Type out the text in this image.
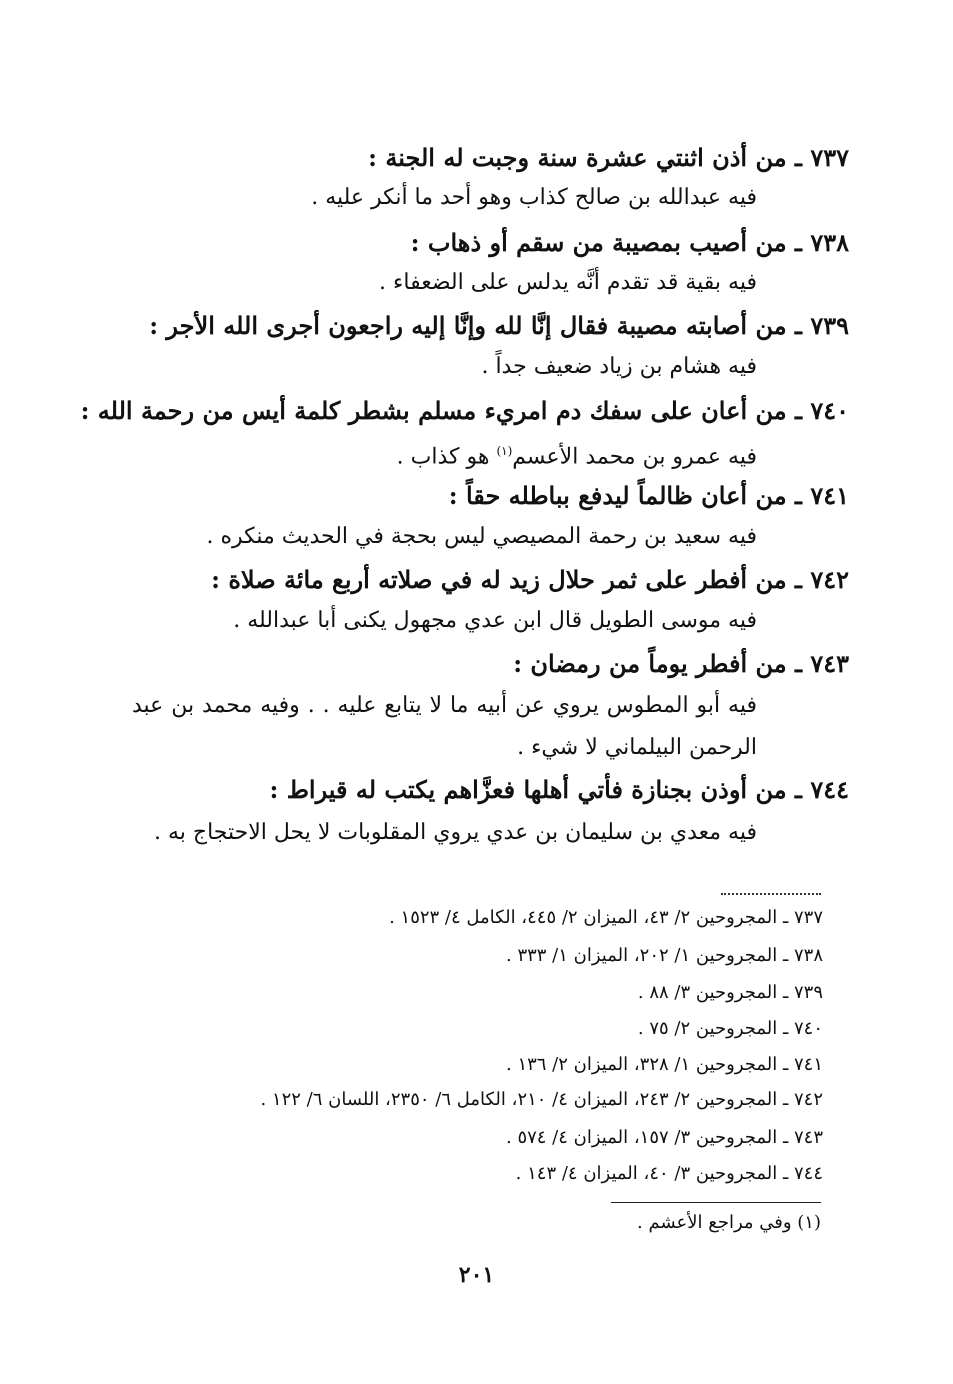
٧٣٧ ـ من أذن اثنتي عشرة سنة وجبت له الجنة :
فيه عبدالله بن صالح كذاب وهو أحد ما أنكر عليه .
٧٣٨ ـ من أصيب بمصيبة من سقم أو ذهاب :
فيه بقية قد تقدم أنَّه يدلس على الضعفاء .
٧٣٩ ـ من أصابته مصيبة فقال إنَّا لله وإنَّا إليه راجعون أجرى الله الأجر :
فيه هشام بن زياد ضعيف جداً .
٧٤٠ ـ من أعان على سفك دم امريء مسلم بشطر كلمة أيس من رحمة الله :
فيه عمرو بن محمد الأعسم$^{(١)}$ هو كذاب .
٧٤١ ـ من أعان ظالماً ليدفع بباطله حقاً :
فيه سعيد بن رحمة المصيصي ليس بحجة في الحديث منكره .
٧٤٢ ـ من أفطر على ثمر حلال زيد له في صلاته أربع مائة صلاة :
فيه موسى الطويل قال ابن عدي مجهول يكنى أبا عبدالله .
٧٤٣ ـ من أفطر يوماً من رمضان :
فيه أبو المطوس يروي عن أبيه ما لا يتابع عليه . . وفيه محمد بن عبد الرحمن البيلماني لا شيء .
٧٤٤ ـ من أوذن بجنازة فأتي أهلها فعزَّاهم يكتب له قيراط :
فيه معدي بن سليمان بن عدي يروي المقلوبات لا يحل الاحتجاج به .
٧٣٧ ـ المجروحين ٢/ ٤٣، الميزان ٢/ ٤٤٥، الكامل ٤/ ١٥٢٣ .
٧٣٨ ـ المجروحين ١/ ٢٠٢، الميزان ١/ ٣٣٣ .
٧٣٩ ـ المجروحين ٣/ ٨٨ .
٧٤٠ ـ المجروحين ٢/ ٧٥ .
٧٤١ ـ المجروحين ١/ ٣٢٨، الميزان ٢/ ١٣٦ .
٧٤٢ ـ المجروحين ٢/ ٢٤٣، الميزان ٤/ ٢١٠، الكامل ٦/ ٢٣٥٠، اللسان ٦/ ١٢٢ .
٧٤٣ ـ المجروحين ٣/ ١٥٧، الميزان ٤/ ٥٧٤ .
٧٤٤ ـ المجروحين ٣/ ٤٠، الميزان ٤/ ١٤٣ .
(١) وفي مراجع الأعشم .
٢٠١
